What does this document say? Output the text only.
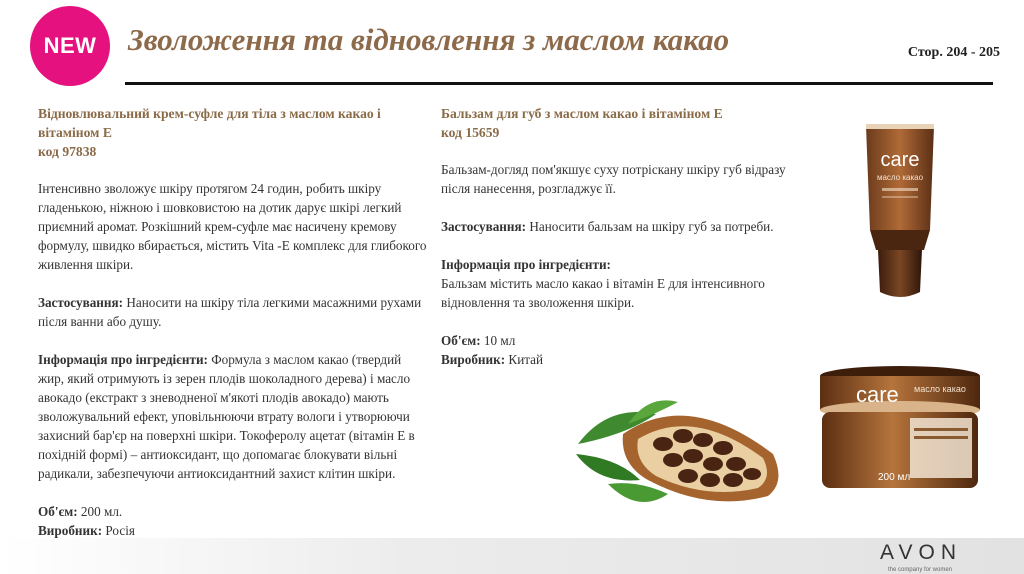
NEW	Зволоження та відновлення з маслом какао	Стор. 204 - 205
Відновлювальний крем-суфле для тіла з маслом какао і вітаміном Е
код 97838

Інтенсивно зволожує шкіру протягом 24 годин, робить шкіру гладенькою, ніжною і шовковистою на дотик дарує шкірі легкий приємний аромат. Розкішний крем-суфле має насичену кремову формулу, швидко вбирається, містить Vita -E комплекс для глибокого живлення шкіри.

Застосування: Наносити на шкіру тіла легкими масажними рухами після ванни або душу.

Інформація про інгредієнти: Формула з маслом какао (твердий жир, який отримують із зерен плодів шоколадного дерева) і масло авокадо (екстракт з зневодненої м'якоті плодів авокадо) мають зволожувальний ефект, уповільнюючи втрату вологи і утворюючи захисний бар'єр на поверхні шкіри. Токоферолу ацетат (вітамін Е в похідній формі) – антиоксидант, що допомагає блокувати вільні радикали, забезпечуючи антиоксидантний захист клітин шкіри.

Об'єм: 200 мл.
Виробник: Росія
Бальзам для губ з маслом какао і вітаміном Е
код 15659

Бальзам-догляд пом'якшує суху потріскану шкіру губ відразу після нанесення, розгладжує її.

Застосування: Наносити бальзам на шкіру губ за потреби.

Інформація про інгредієнти:

Бальзам містить масло какао і вітамін Е для інтенсивного відновлення та зволоження шкіри.

Об'єм: 10 мл
Виробник: Китай
care
масло какао
care масло какао
200 мл
AVON
the company for women
